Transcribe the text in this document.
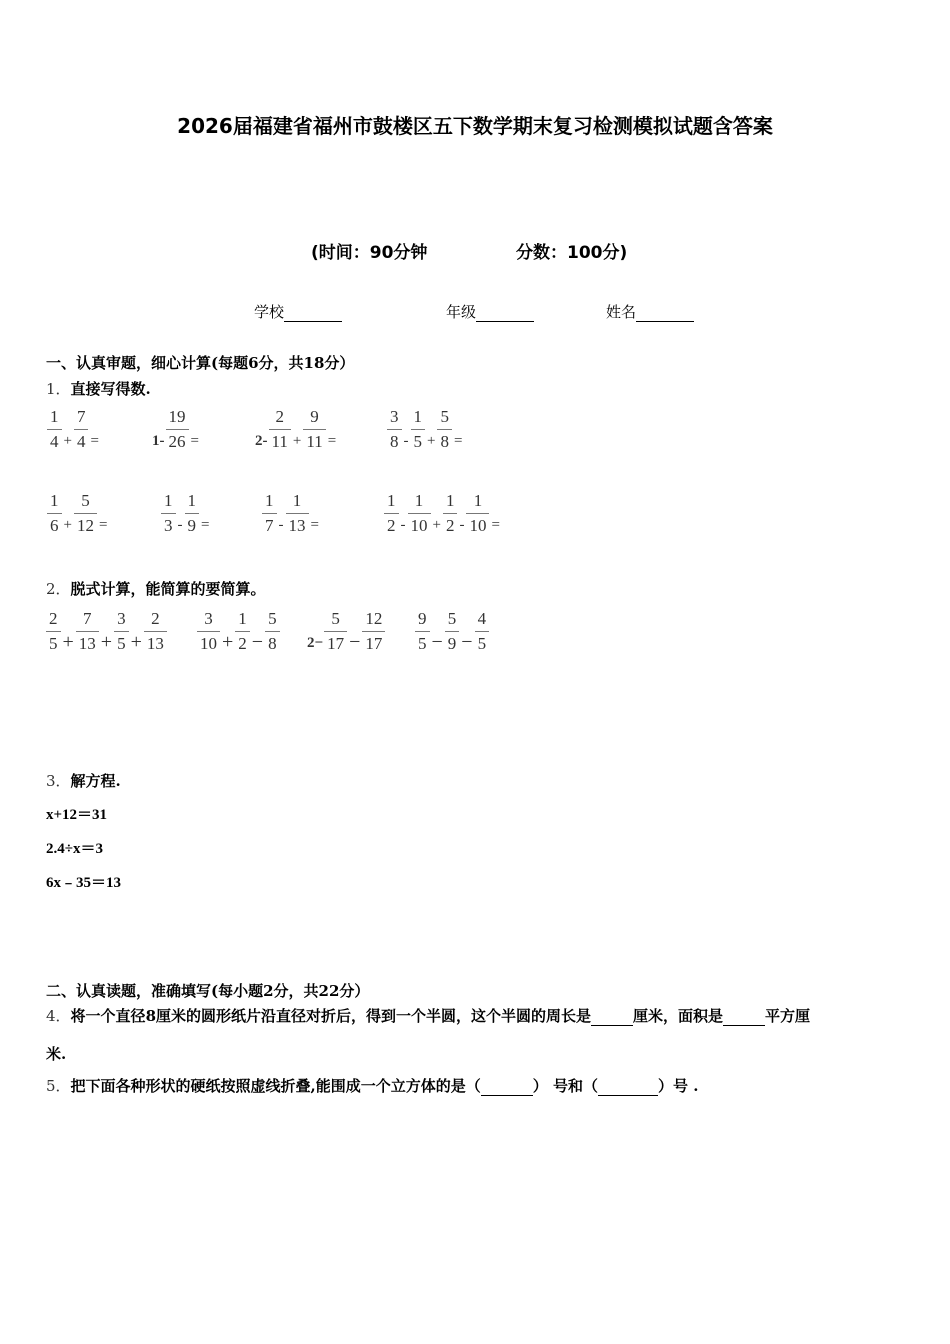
2026届福建省福州市鼓楼区五下数学期末复习检测模拟试题含答案
(时间：90分钟	分数：100分)
学校	年级	姓名
一、认真审题，细心计算(每题6分，共18分）
1．直接写得数.
$\frac{1}{4} + \frac{7}{4}$ =	$1- \frac{19}{26}$ =	$2- \frac{2}{11} + \frac{9}{11}$ =	$\frac{3}{8} - \frac{1}{5} + \frac{5}{8}$ =
$\frac{1}{6} + \frac{5}{12}$ =	$\frac{1}{3} - \frac{1}{9}$ =	$\frac{1}{7} - \frac{1}{13}$ =	$\frac{1}{2} - \frac{1}{10} + \frac{1}{2} - \frac{1}{10}$ =
2．脱式计算，能简算的要简算。
$\frac{2}{5} + \frac{7}{13} + \frac{3}{5} + \frac{2}{13} \frac{3}{10} + \frac{1}{2} - \frac{5}{8} 2- \frac{5}{17} - \frac{12}{17} \frac{9}{5} - \frac{5}{9} - \frac{4}{5}$
3．解方程.
x+12＝31
2.4÷x＝3
6x﹣35＝13
二、认真读题，准确填写(每小题2分，共22分）
4．将一个直径8厘米的圆形纸片沿直径对折后，得到一个半圆，这个半圆的周长是	厘米，面积是	平方厘
米.
5．把下面各种形状的硬纸按照虚线折叠,能围成一个立方体的是（	） 号和（	）号 .
